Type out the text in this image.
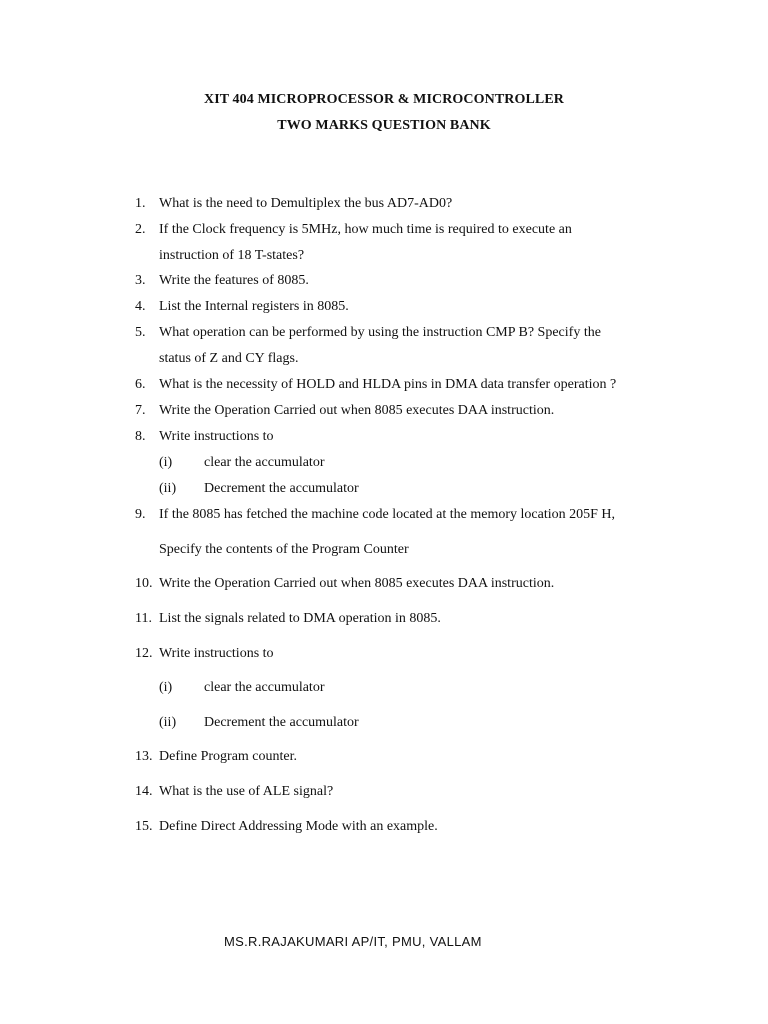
XIT 404 MICROPROCESSOR & MICROCONTROLLER
TWO MARKS QUESTION BANK
1. What is the need to Demultiplex the bus AD7-AD0?
2. If the Clock frequency is 5MHz, how much time is required to execute an
instruction of 18 T-states?
3. Write the features of 8085.
4. List the Internal registers in 8085.
5. What operation can be performed by using the instruction CMP B? Specify the
status of Z and CY flags.
6. What is the necessity of HOLD and HLDA pins in DMA data transfer operation ?
7. Write the Operation Carried out when 8085 executes DAA instruction.
8. Write instructions to
(i) clear the accumulator
(ii) Decrement the accumulator
9. If the 8085 has fetched the machine code located at the memory location 205F H,
Specify the contents of the Program Counter
10. Write the Operation Carried out when 8085 executes DAA instruction.
11. List the signals related to DMA operation in 8085.
12. Write instructions to
(i) clear the accumulator
(ii) Decrement the accumulator
13. Define Program counter.
14. What is the use of ALE signal?
15. Define Direct Addressing Mode with an example.
MS.R.RAJAKUMARI AP/IT, PMU, VALLAM
